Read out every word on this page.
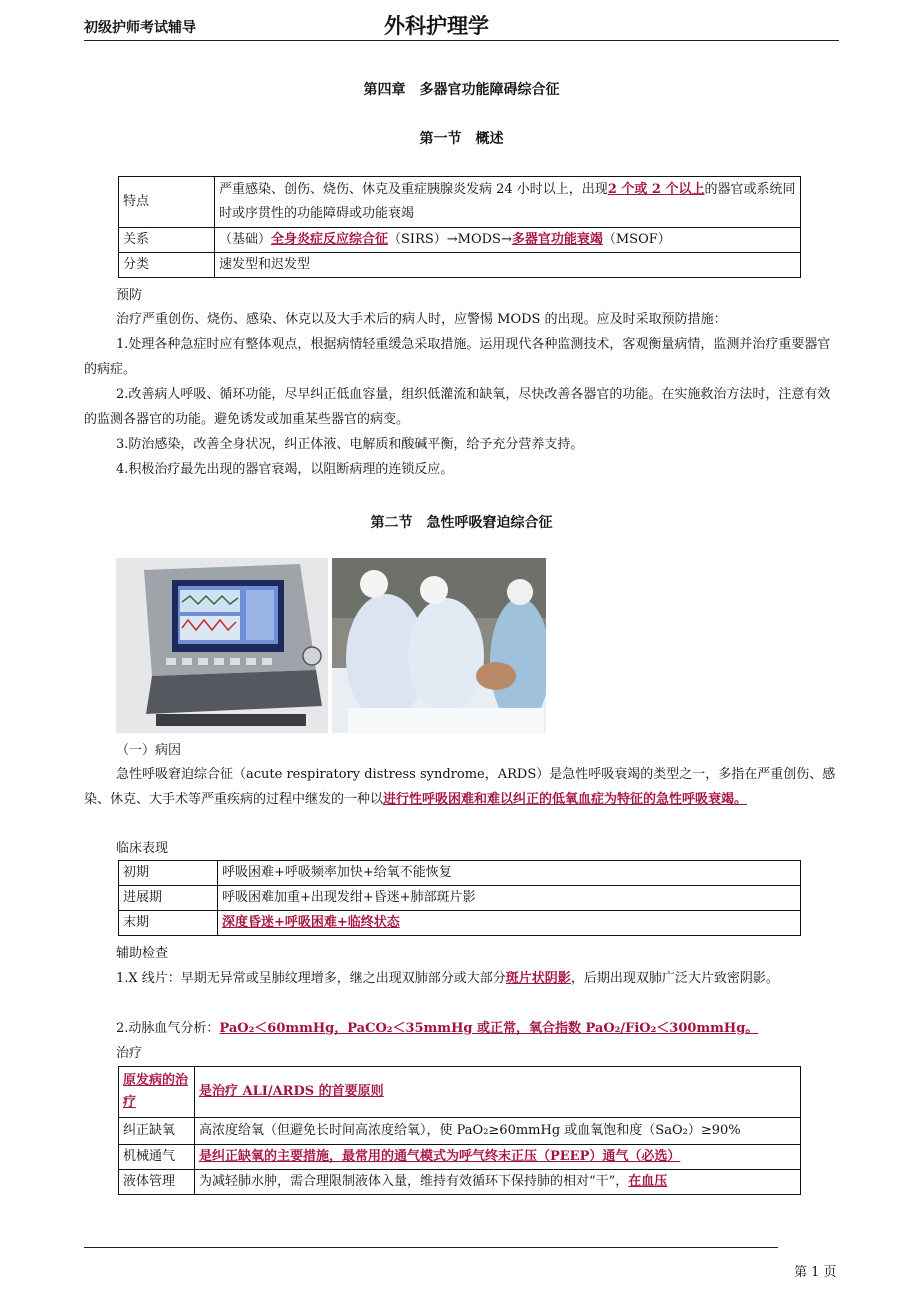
初级护师考试辅导	外科护理学
第四章　多器官功能障碍综合征
第一节　概述
特点	严重感染、创伤、烧伤、休克及重症胰腺炎发病 24 小时以上，出现2 个或 2 个以上的器官或系统同时或序贯性的功能障碍或功能衰竭
关系	（基础）全身炎症反应综合征（SIRS）→MODS→多器官功能衰竭（MSOF）
分类	速发型和迟发型
预防
治疗严重创伤、烧伤、感染、休克以及大手术后的病人时，应警惕 MODS 的出现。应及时采取预防措施：
1.处理各种急症时应有整体观点，根据病情轻重缓急采取措施。运用现代各种监测技术，客观衡量病情，监测并治疗重要器官的病症。
2.改善病人呼吸、循环功能，尽早纠正低血容量，组织低灌流和缺氧，尽快改善各器官的功能。在实施救治方法时，注意有效的监测各器官的功能。避免诱发或加重某些器官的病变。
3.防治感染，改善全身状况，纠正体液、电解质和酸碱平衡，给予充分营养支持。
4.积极治疗最先出现的器官衰竭，以阻断病理的连锁反应。
第二节　急性呼吸窘迫综合征
（一）病因
急性呼吸窘迫综合征（acute respiratory distress syndrome，ARDS）是急性呼吸衰竭的类型之一，多指在严重创伤、感染、休克、大手术等严重疾病的过程中继发的一种以进行性呼吸困难和难以纠正的低氧血症为特征的急性呼吸衰竭。
临床表现
初期	呼吸困难+呼吸频率加快+给氧不能恢复
进展期	呼吸困难加重+出现发绀+昏迷+肺部斑片影
末期	深度昏迷+呼吸困难+临终状态
辅助检查
1.X 线片：早期无异常或呈肺纹理增多，继之出现双肺部分或大部分斑片状阴影，后期出现双肺广泛大片致密阴影。
2.动脉血气分析：PaO₂＜60mmHg，PaCO₂＜35mmHg 或正常，氧合指数 PaO₂/FiO₂＜300mmHg。
治疗
原发病的治疗	是治疗 ALI/ARDS 的首要原则
纠正缺氧	高浓度给氧（但避免长时间高浓度给氧），使 PaO₂≥60mmHg 或血氧饱和度（SaO₂）≥90%
机械通气	是纠正缺氧的主要措施，最常用的通气模式为呼气终末正压（PEEP）通气（必选）
液体管理	为减轻肺水肿，需合理限制液体入量，维持有效循环下保持肺的相对“干”，在血压
第 1 页
